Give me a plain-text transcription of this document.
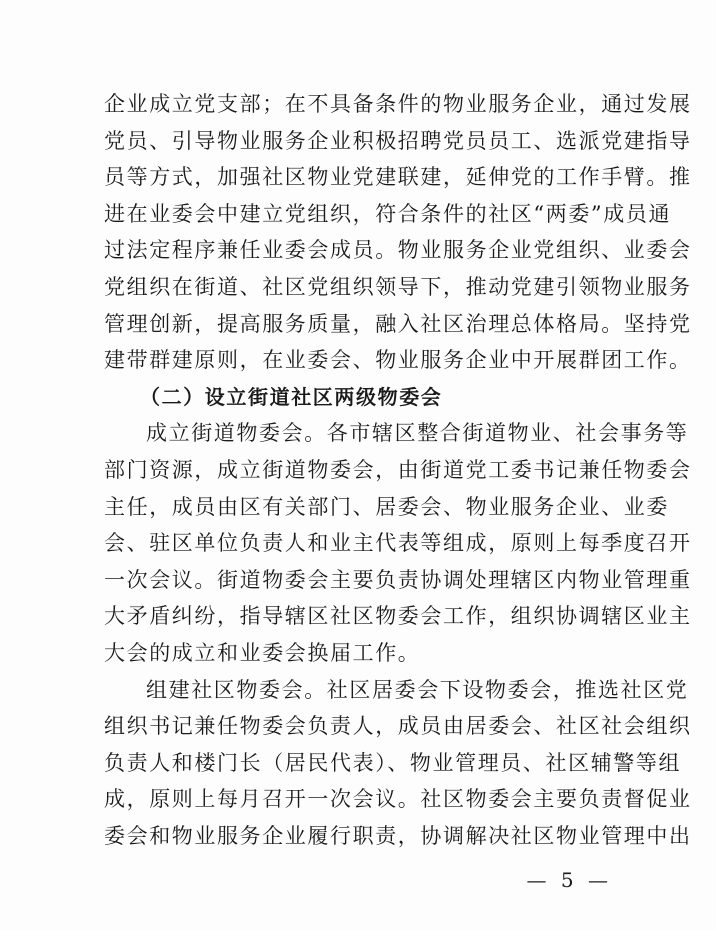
企业成立党支部；在不具备条件的物业服务企业，通过发展
党员、引导物业服务企业积极招聘党员员工、选派党建指导
员等方式，加强社区物业党建联建，延伸党的工作手臂。推
进在业委会中建立党组织，符合条件的社区“两委”成员通
过法定程序兼任业委会成员。物业服务企业党组织、业委会
党组织在街道、社区党组织领导下，推动党建引领物业服务
管理创新，提高服务质量，融入社区治理总体格局。坚持党
建带群建原则，在业委会、物业服务企业中开展群团工作。
（二）设立街道社区两级物委会
成立街道物委会。各市辖区整合街道物业、社会事务等
部门资源，成立街道物委会，由街道党工委书记兼任物委会
主任，成员由区有关部门、居委会、物业服务企业、业委
会、驻区单位负责人和业主代表等组成，原则上每季度召开
一次会议。街道物委会主要负责协调处理辖区内物业管理重
大矛盾纠纷，指导辖区社区物委会工作，组织协调辖区业主
大会的成立和业委会换届工作。
组建社区物委会。社区居委会下设物委会，推选社区党
组织书记兼任物委会负责人，成员由居委会、社区社会组织
负责人和楼门长（居民代表）、物业管理员、社区辅警等组
成，原则上每月召开一次会议。社区物委会主要负责督促业
委会和物业服务企业履行职责，协调解决社区物业管理中出
— 5 —
